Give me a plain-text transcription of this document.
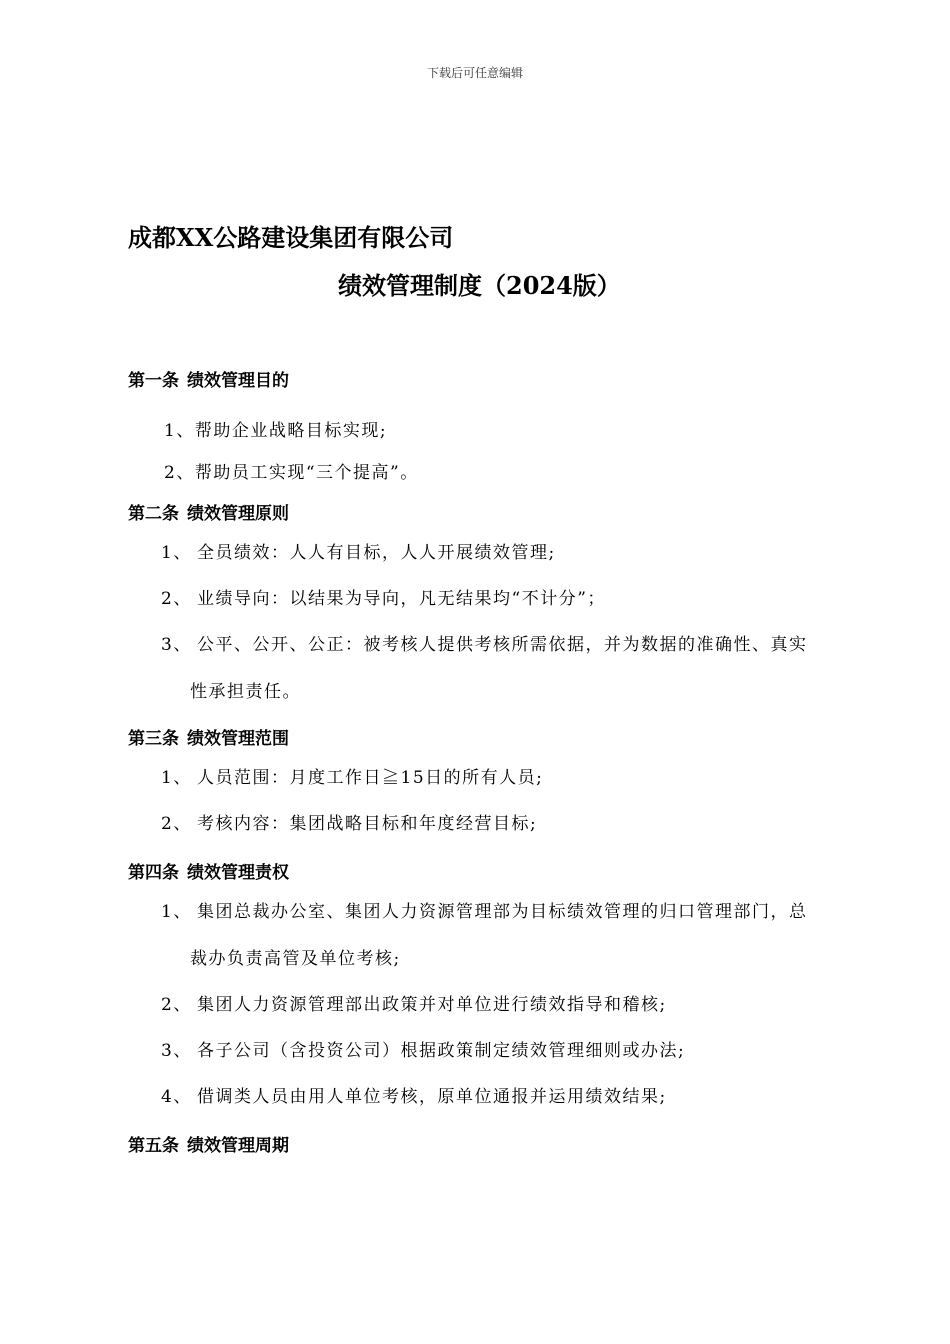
下载后可任意编辑
成都XX公路建设集团有限公司
绩效管理制度（2024版）
第一条 绩效管理目的
1、帮助企业战略目标实现;
2、帮助员工实现“三个提高”。
第二条 绩效管理原则
1、 全员绩效：人人有目标，人人开展绩效管理;
2、 业绩导向：以结果为导向，凡无结果均“不计分”；
3、 公平、公开、公正：被考核人提供考核所需依据，并为数据的准确性、真实
性承担责任。
第三条 绩效管理范围
1、 人员范围：月度工作日≧15日的所有人员;
2、 考核内容：集团战略目标和年度经营目标;
第四条 绩效管理责权
1、 集团总裁办公室、集团人力资源管理部为目标绩效管理的归口管理部门，总
裁办负责高管及单位考核;
2、 集团人力资源管理部出政策并对单位进行绩效指导和稽核;
3、 各子公司（含投资公司）根据政策制定绩效管理细则或办法;
4、 借调类人员由用人单位考核，原单位通报并运用绩效结果;
第五条 绩效管理周期
